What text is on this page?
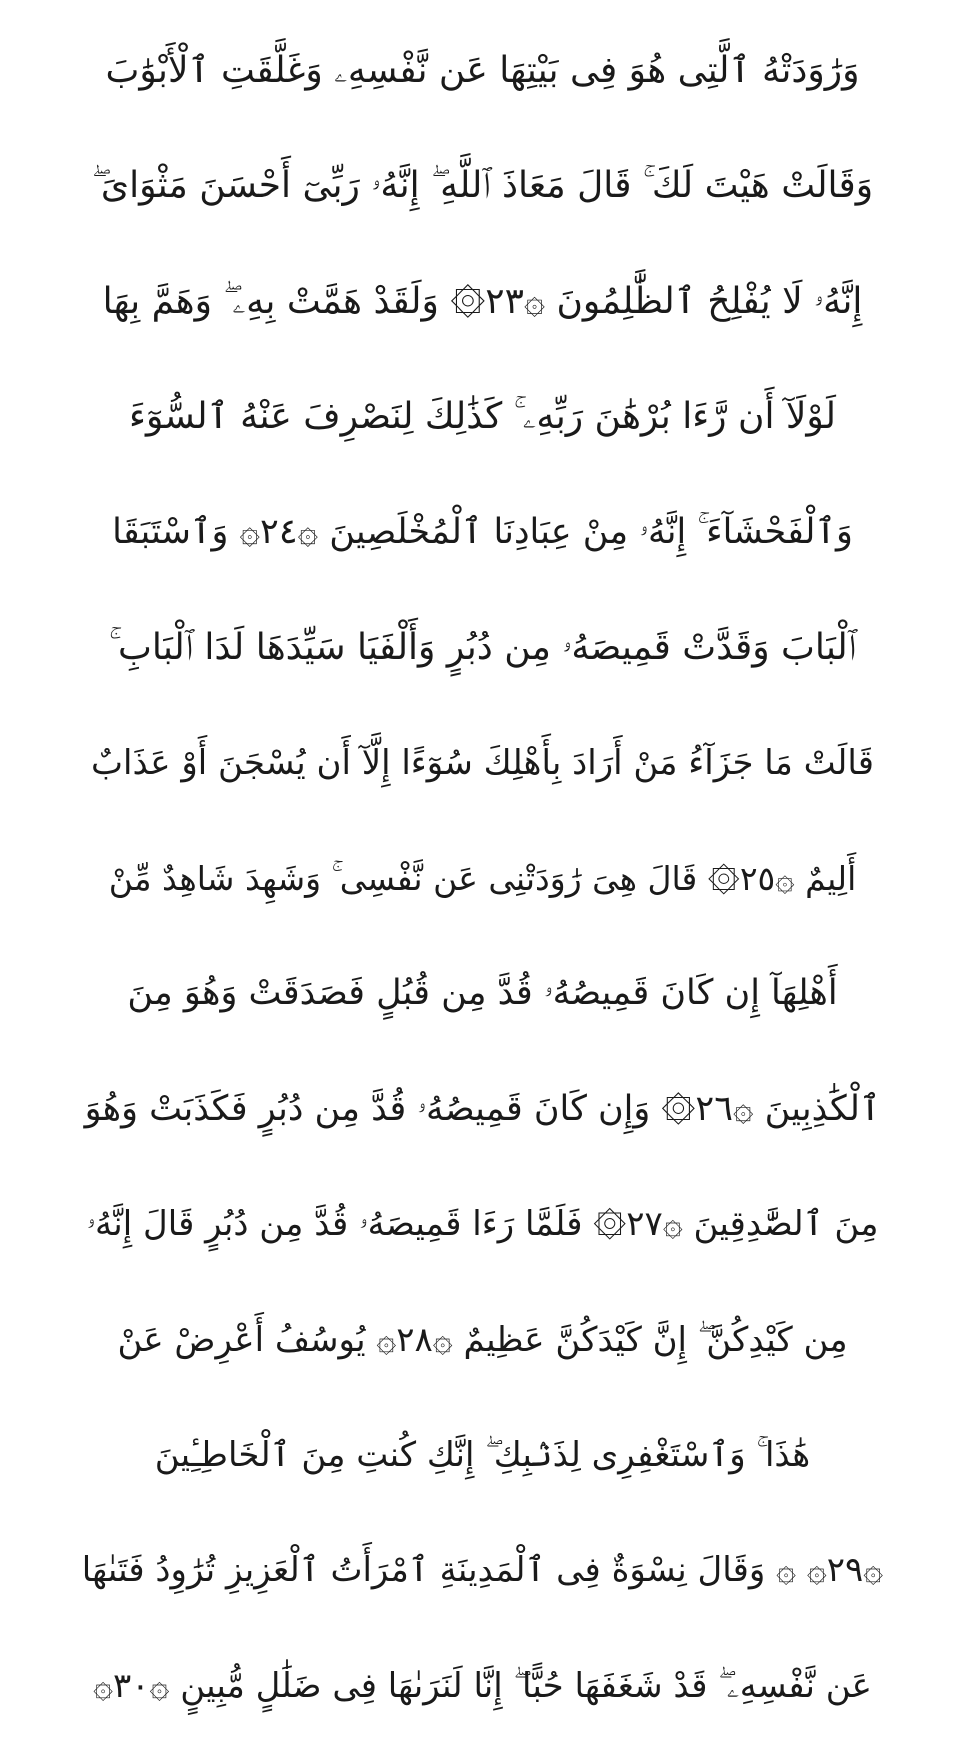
وَرَٰوَدَتْهُ ٱلَّتِى هُوَ فِى بَيْتِهَا عَن نَّفْسِهِۦ وَغَلَّقَتِ ٱلْأَبْوَٰبَ
وَقَالَتْ هَيْتَ لَكَ ۚ قَالَ مَعَاذَ ٱللَّهِ ۖ إِنَّهُۥ رَبِّىٓ أَحْسَنَ مَثْوَاىَ ۖ
إِنَّهُۥ لَا يُفْلِحُ ٱلظَّٰلِمُونَ ۞٢٣۞ وَلَقَدْ هَمَّتْ بِهِۦ ۖ وَهَمَّ بِهَا
لَوْلَآ أَن رَّءَا بُرْهَٰنَ رَبِّهِۦ ۚ كَذَٰلِكَ لِنَصْرِفَ عَنْهُ ٱلسُّوٓءَ
وَٱلْفَحْشَآءَ ۚ إِنَّهُۥ مِنْ عِبَادِنَا ٱلْمُخْلَصِينَ ۞٢٤۞ وَٱسْتَبَقَا
ٱلْبَابَ وَقَدَّتْ قَمِيصَهُۥ مِن دُبُرٍ وَأَلْفَيَا سَيِّدَهَا لَدَا ٱلْبَابِ ۚ
قَالَتْ مَا جَزَآءُ مَنْ أَرَادَ بِأَهْلِكَ سُوٓءًا إِلَّآ أَن يُسْجَنَ أَوْ عَذَابٌ
أَلِيمٌ ۞٢٥۞ قَالَ هِىَ رَٰوَدَتْنِى عَن نَّفْسِى ۚ وَشَهِدَ شَاهِدٌ مِّنْ
أَهْلِهَآ إِن كَانَ قَمِيصُهُۥ قُدَّ مِن قُبُلٍ فَصَدَقَتْ وَهُوَ مِنَ
ٱلْكَٰذِبِينَ ۞٢٦۞ وَإِن كَانَ قَمِيصُهُۥ قُدَّ مِن دُبُرٍ فَكَذَبَتْ وَهُوَ
مِنَ ٱلصَّٰدِقِينَ ۞٢٧۞ فَلَمَّا رَءَا قَمِيصَهُۥ قُدَّ مِن دُبُرٍ قَالَ إِنَّهُۥ
مِن كَيْدِكُنَّ ۖ إِنَّ كَيْدَكُنَّ عَظِيمٌ ۞٢٨۞ يُوسُفُ أَعْرِضْ عَنْ
هَٰذَا ۚ وَٱسْتَغْفِرِى لِذَنۢبِكِ ۖ إِنَّكِ كُنتِ مِنَ ٱلْخَاطِـِٔينَ
۞٢٩۞ ۞ وَقَالَ نِسْوَةٌ فِى ٱلْمَدِينَةِ ٱمْرَأَتُ ٱلْعَزِيزِ تُرَٰوِدُ فَتَىٰهَا
عَن نَّفْسِهِۦ ۖ قَدْ شَغَفَهَا حُبًّا ۖ إِنَّا لَنَرَىٰهَا فِى ضَلَٰلٍ مُّبِينٍ ۞٣٠۞
